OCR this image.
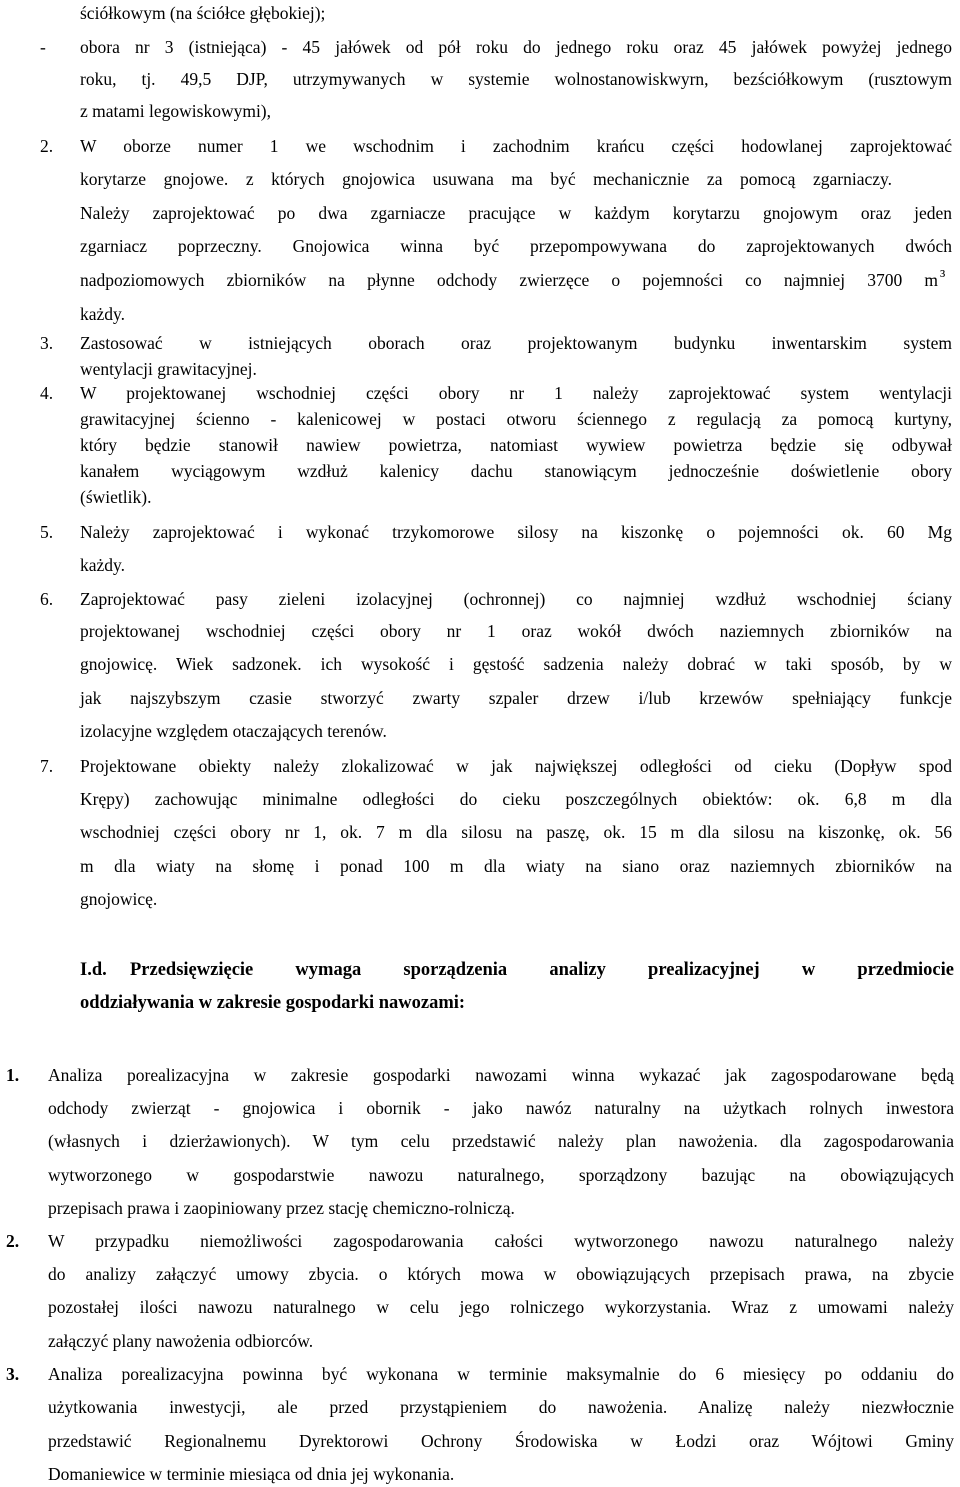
ściółkowym (na ściółce głębokiej);
- obora nr 3 (istniejąca) - 45 jałówek od pół roku do jednego roku oraz 45 jałówek powyżej jednego
roku, tj. 49,5 DJP, utrzymywanych w systemie wolnostanowiskwyrn, bezściółkowym (rusztowym
z matami legowiskowymi),
2. W oborze numer 1 we wschodnim i zachodnim krańcu części hodowlanej zaprojektować
korytarze gnojowe. z których gnojowica usuwana ma być mechanicznie za pomocą zgarniaczy.
Należy zaprojektować po dwa zgarniacze pracujące w każdym korytarzu gnojowym oraz jeden
zgarniacz poprzeczny. Gnojowica winna być przepompowywana do zaprojektowanych dwóch
nadpoziomowych zbiorników na płynne odchody zwierzęce o pojemności co najmniej 3700 m ³
każdy.
3. Zastosować w istniejących oborach oraz projektowanym budynku inwentarskim system
wentylacji grawitacyjnej.
4. W projektowanej wschodniej części obory nr 1 należy zaprojektować system wentylacji
grawitacyjnej ścienno - kalenicowej w postaci otworu ściennego z regulacją za pomocą kurtyny,
który będzie stanowił nawiew powietrza, natomiast wywiew powietrza będzie się odbywał
kanałem wyciągowym wzdłuż kalenicy dachu stanowiącym jednocześnie doświetlenie obory
(świetlik).
5. Należy zaprojektować i wykonać trzykomorowe silosy na kiszonkę o pojemności ok. 60 Mg
każdy.
6. Zaprojektować pasy zieleni izolacyjnej (ochronnej) co najmniej wzdłuż wschodniej ściany
projektowanej wschodniej części obory nr 1 oraz wokół dwóch naziemnych zbiorników na
gnojowicę. Wiek sadzonek. ich wysokość i gęstość sadzenia należy dobrać w taki sposób, by w
jak najszybszym czasie stworzyć zwarty szpaler drzew i/lub krzewów spełniający funkcje
izolacyjne względem otaczających terenów.
7. Projektowane obiekty należy zlokalizować w jak największej odległości od cieku (Dopływ spod
Krępy) zachowując minimalne odległości do cieku poszczególnych obiektów: ok. 6,8 m dla
wschodniej części obory nr 1, ok. 7 m dla silosu na paszę, ok. 15 m dla silosu na kiszonkę, ok. 56
m dla wiaty na słomę i ponad 100 m dla wiaty na siano oraz naziemnych zbiorników na
gnojowicę.
I.d. Przedsięwzięcie wymaga sporządzenia analizy prealizacyjnej w przedmiocie
oddziaływania w zakresie gospodarki nawozami:
1. Analiza porealizacyjna w zakresie gospodarki nawozami winna wykazać jak zagospodarowane będą
odchody zwierząt - gnojowica i obornik - jako nawóz naturalny na użytkach rolnych inwestora
(własnych i dzierżawionych). W tym celu przedstawić należy plan nawożenia. dla zagospodarowania
wytworzonego w gospodarstwie nawozu naturalnego, sporządzony bazując na obowiązujących
przepisach prawa i zaopiniowany przez stację chemiczno-rolniczą.
2. W przypadku niemożliwości zagospodarowania całości wytworzonego nawozu naturalnego należy
do analizy załączyć umowy zbycia. o których mowa w obowiązujących przepisach prawa, na zbycie
pozostałej ilości nawozu naturalnego w celu jego rolniczego wykorzystania. Wraz z umowami należy
załączyć plany nawożenia odbiorców.
3. Analiza porealizacyjna powinna być wykonana w terminie maksymalnie do 6 miesięcy po oddaniu do
użytkowania inwestycji, ale przed przystąpieniem do nawożenia. Analizę należy niezwłocznie
przedstawić Regionalnemu Dyrektorowi Ochrony Środowiska w Łodzi oraz Wójtowi Gminy
Domaniewice w terminie miesiąca od dnia jej wykonania.
